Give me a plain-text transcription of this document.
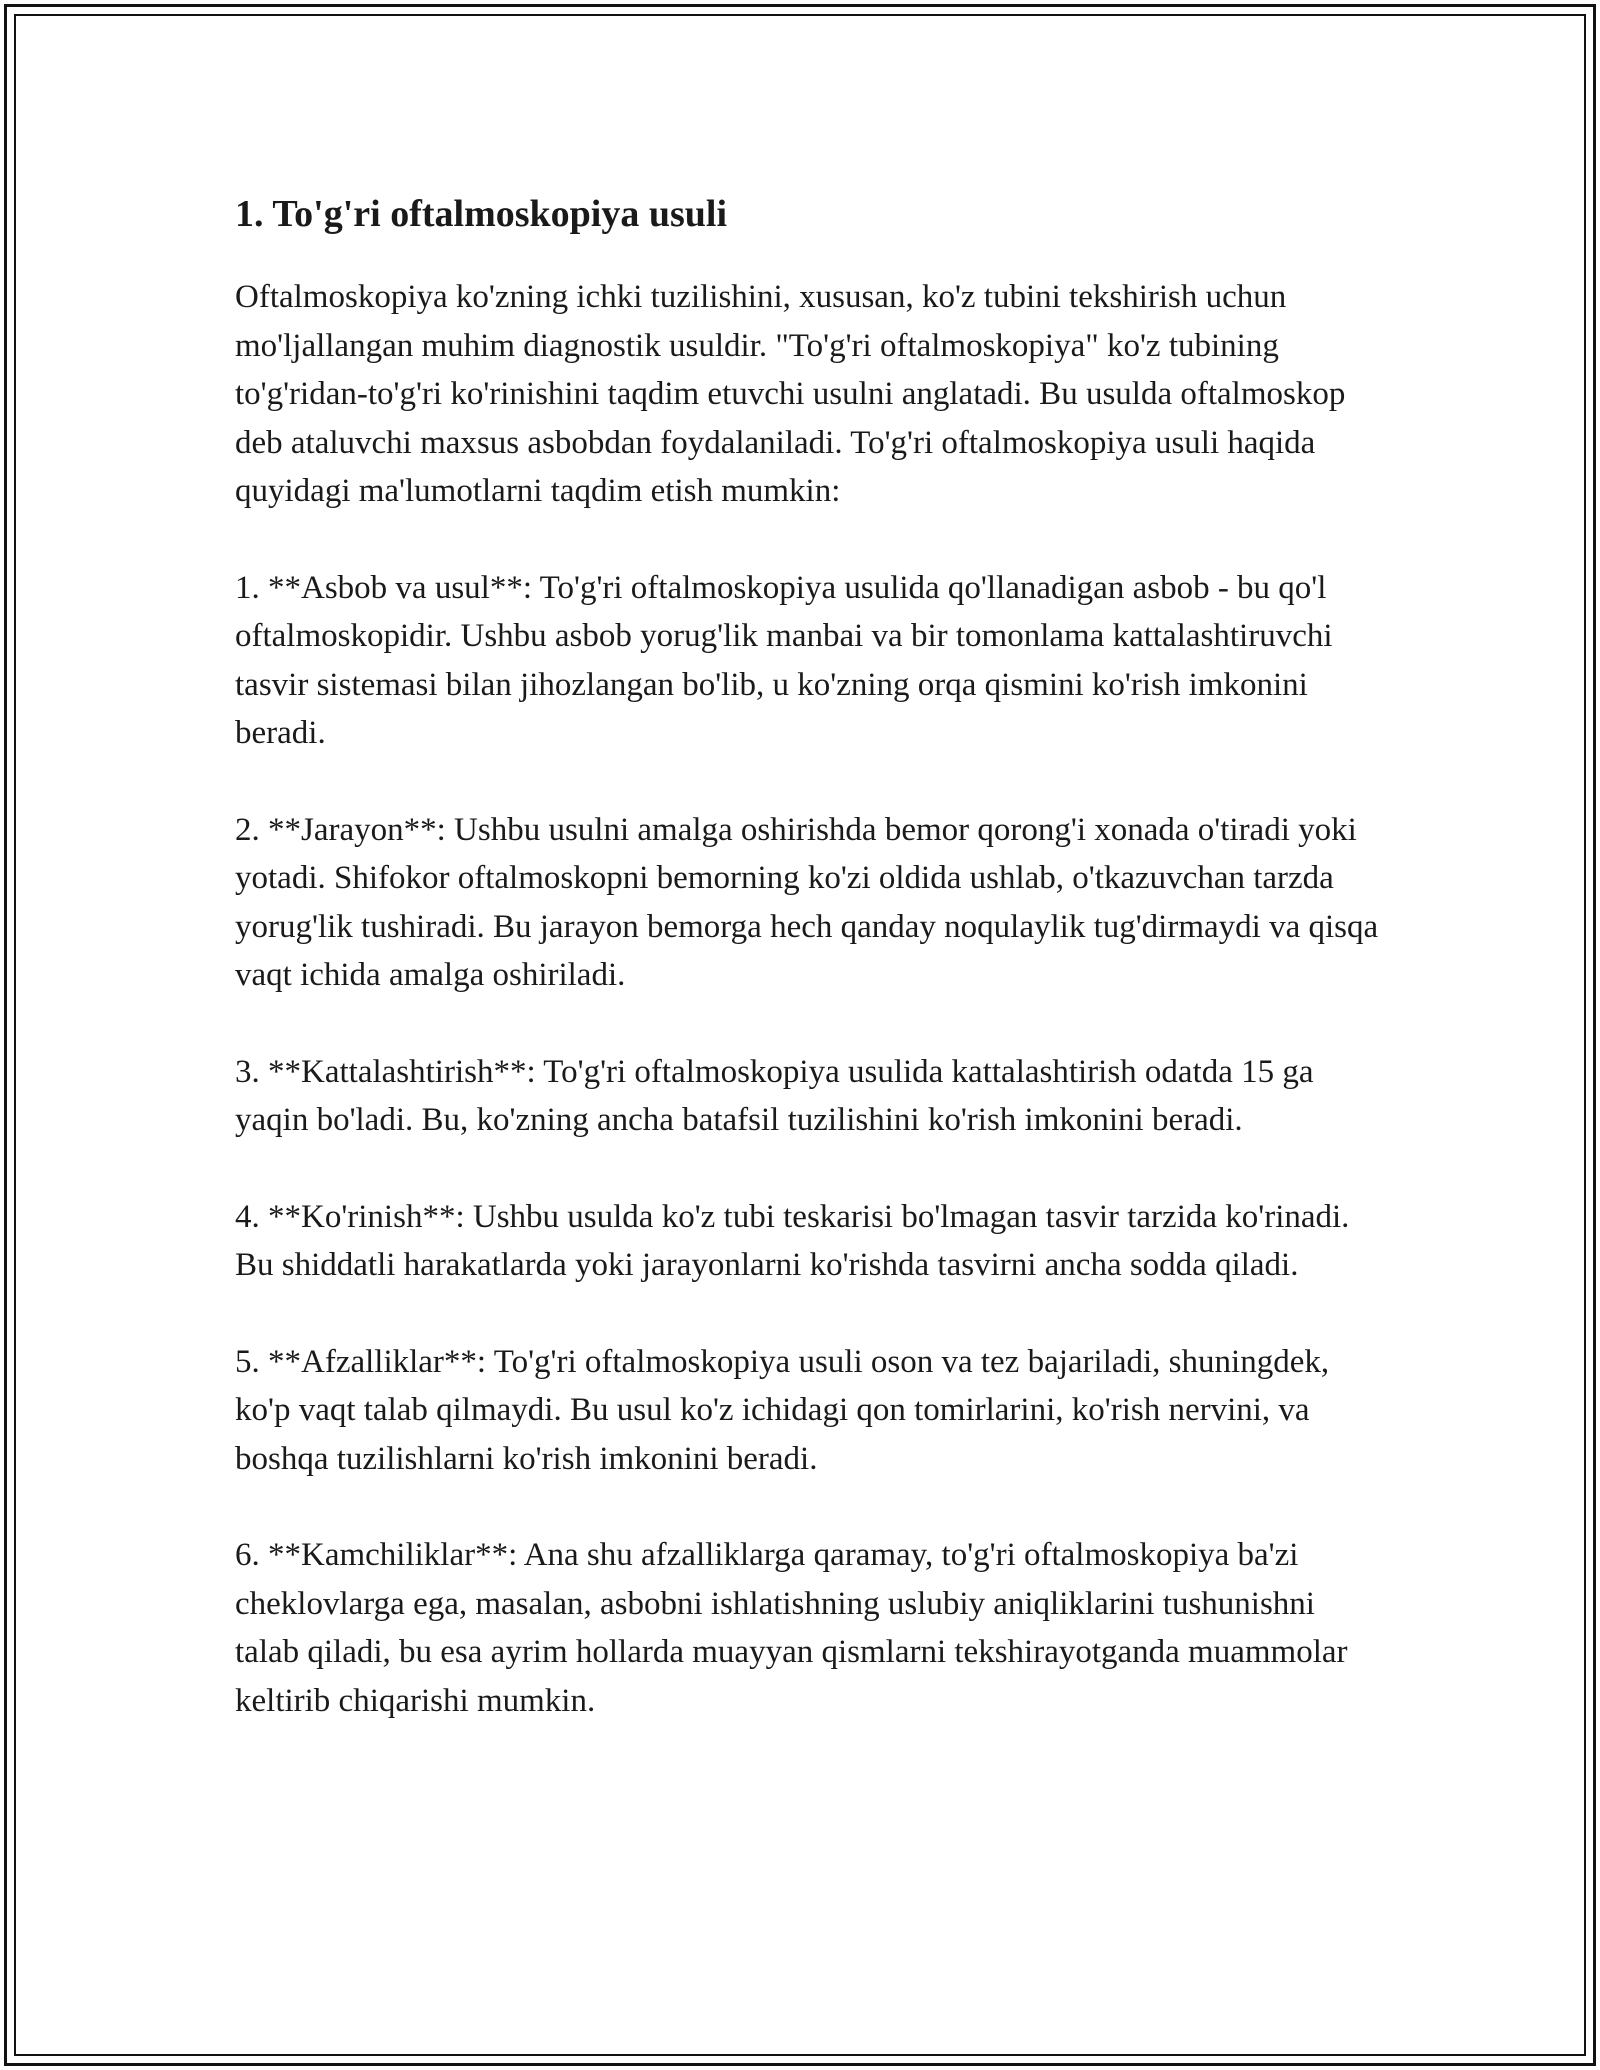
1. To'g'ri oftalmoskopiya usuli

Oftalmoskopiya ko'zning ichki tuzilishini, xususan, ko'z tubini tekshirish uchun mo'ljallangan muhim diagnostik usuldir. "To'g'ri oftalmoskopiya" ko'z tubining to'g'ridan-to'g'ri ko'rinishini taqdim etuvchi usulni anglatadi. Bu usulda oftalmoskop deb ataluvchi maxsus asbobdan foydalaniladi. To'g'ri oftalmoskopiya usuli haqida quyidagi ma'lumotlarni taqdim etish mumkin:

1. **Asbob va usul**: To'g'ri oftalmoskopiya usulida qo'llanadigan asbob - bu qo'l oftalmoskopidir. Ushbu asbob yorug'lik manbai va bir tomonlama kattalashtiruvchi tasvir sistemasi bilan jihozlangan bo'lib, u ko'zning orqa qismini ko'rish imkonini beradi.

2. **Jarayon**: Ushbu usulni amalga oshirishda bemor qorong'i xonada o'tiradi yoki yotadi. Shifokor oftalmoskopni bemorning ko'zi oldida ushlab, o'tkazuvchan tarzda yorug'lik tushiradi. Bu jarayon bemorga hech qanday noqulaylik tug'dirmaydi va qisqa vaqt ichida amalga oshiriladi.

3. **Kattalashtirish**: To'g'ri oftalmoskopiya usulida kattalashtirish odatda 15 ga yaqin bo'ladi. Bu, ko'zning ancha batafsil tuzilishini ko'rish imkonini beradi.

4. **Ko'rinish**: Ushbu usulda ko'z tubi teskarisi bo'lmagan tasvir tarzida ko'rinadi. Bu shiddatli harakatlarda yoki jarayonlarni ko'rishda tasvirni ancha sodda qiladi.

5. **Afzalliklar**: To'g'ri oftalmoskopiya usuli oson va tez bajariladi, shuningdek, ko'p vaqt talab qilmaydi. Bu usul ko'z ichidagi qon tomirlarini, ko'rish nervini, va boshqa tuzilishlarni ko'rish imkonini beradi.

6. **Kamchiliklar**: Ana shu afzalliklarga qaramay, to'g'ri oftalmoskopiya ba'zi cheklovlarga ega, masalan, asbobni ishlatishning uslubiy aniqliklarini tushunishni talab qiladi, bu esa ayrim hollarda muayyan qismlarni tekshirayotganda muammolar keltirib chiqarishi mumkin.
